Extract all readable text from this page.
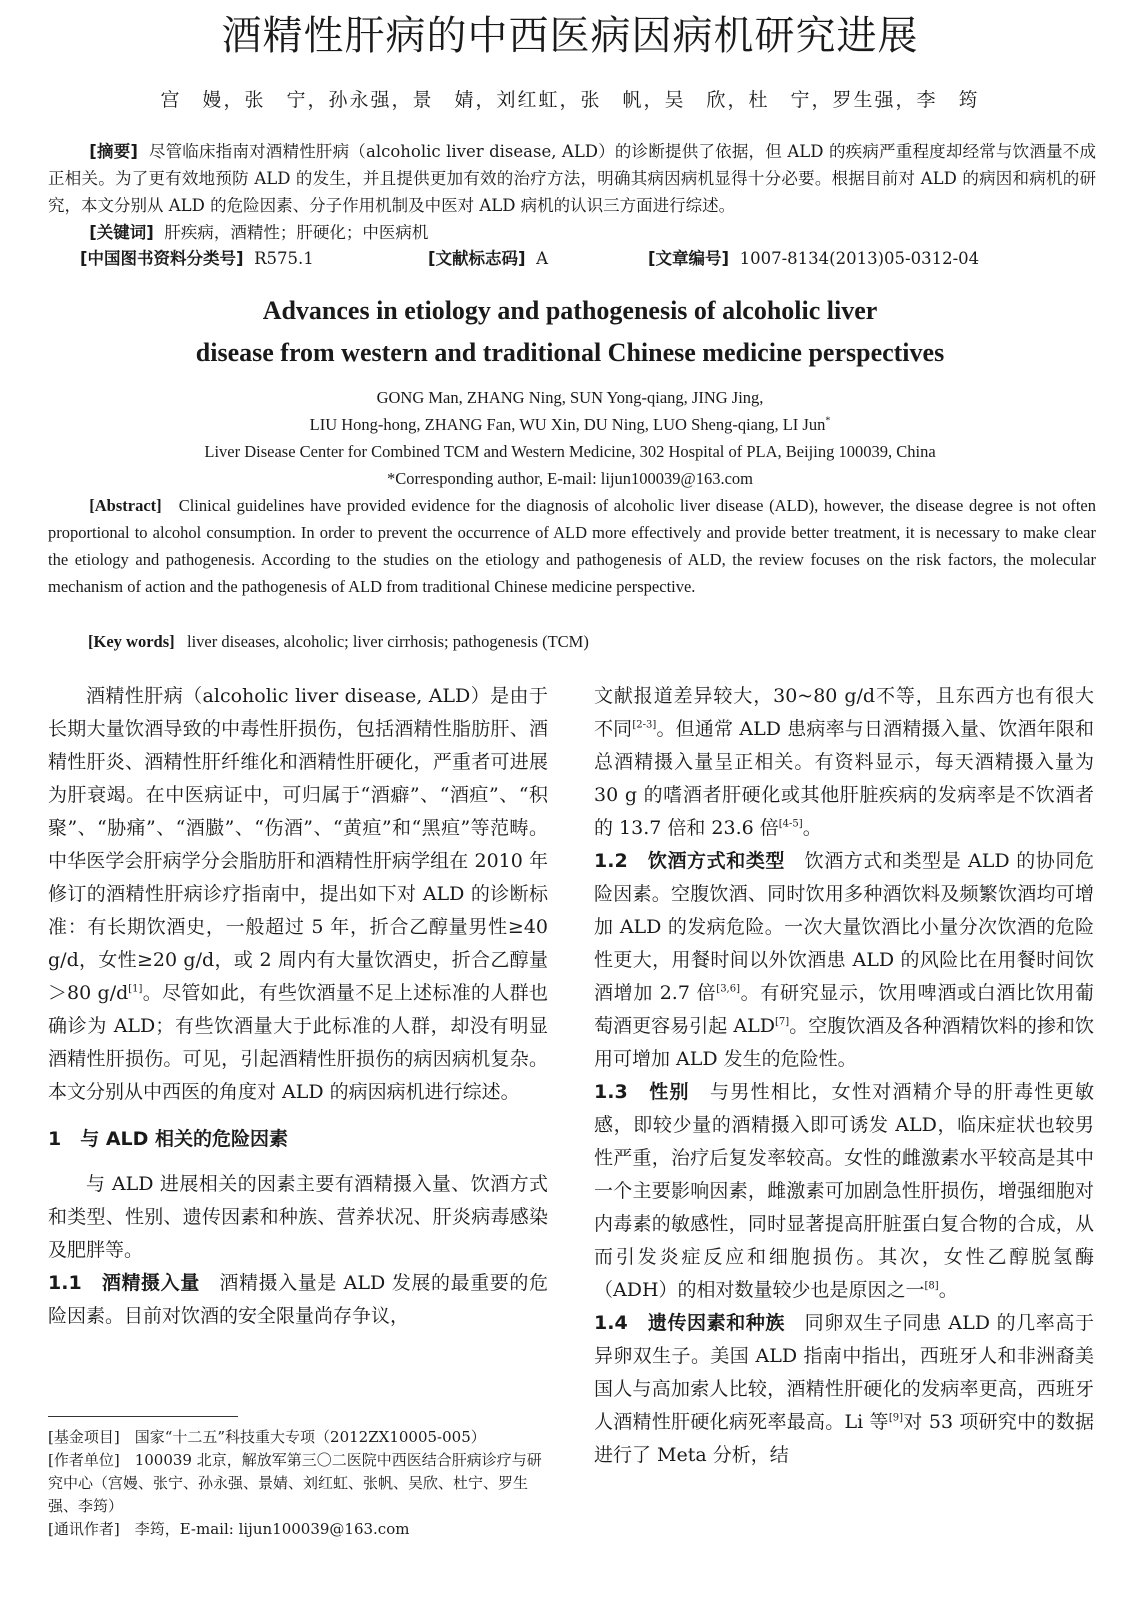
酒精性肝病的中西医病因病机研究进展
宫　嫚，张　宁，孙永强，景　婧，刘红虹，张　帆，吴　欣，杜　宁，罗生强，李　筠

[摘要] 尽管临床指南对酒精性肝病（alcoholic liver disease, ALD）的诊断提供了依据，但 ALD 的疾病严重程度却经常与饮酒量不成正相关。为了更有效地预防 ALD 的发生，并且提供更加有效的治疗方法，明确其病因病机显得十分必要。根据目前对 ALD 的病因和病机的研究，本文分别从 ALD 的危险因素、分子作用机制及中医对 ALD 病机的认识三方面进行综述。

[关键词] 肝疾病，酒精性；肝硬化；中医病机

[中国图书资料分类号] R575.1	[文献标志码] A	[文章编号] 1007-8134(2013)05-0312-04
Advances in etiology and pathogenesis of alcoholic liver
disease from western and traditional Chinese medicine perspectives
GONG Man, ZHANG Ning, SUN Yong-qiang, JING Jing,
LIU Hong-hong, ZHANG Fan, WU Xin, DU Ning, LUO Sheng-qiang, LI Jun*
Liver Disease Center for Combined TCM and Western Medicine, 302 Hospital of PLA, Beijing 100039, China
*Corresponding author, E-mail: lijun100039@163.com

[Abstract] Clinical guidelines have provided evidence for the diagnosis of alcoholic liver disease (ALD), however, the disease degree is not often proportional to alcohol consumption. In order to prevent the occurrence of ALD more effectively and provide better treatment, it is necessary to make clear the etiology and pathogenesis. According to the studies on the etiology and pathogenesis of ALD, the review focuses on the risk factors, the molecular mechanism of action and the pathogenesis of ALD from traditional Chinese medicine perspective.

[Key words] liver diseases, alcoholic; liver cirrhosis; pathogenesis (TCM)

酒精性肝病（alcoholic liver disease, ALD）是由于长期大量饮酒导致的中毒性肝损伤，包括酒精性脂肪肝、酒精性肝炎、酒精性肝纤维化和酒精性肝硬化，严重者可进展为肝衰竭。在中医病证中，可归属于“酒癖”、“酒疸”、“积聚”、“胁痛”、“酒臌”、“伤酒”、“黄疸”和“黑疸”等范畴。中华医学会肝病学分会脂肪肝和酒精性肝病学组在 2010 年修订的酒精性肝病诊疗指南中，提出如下对 ALD 的诊断标准：有长期饮酒史，一般超过 5 年，折合乙醇量男性≥40 g/d，女性≥20 g/d，或 2 周内有大量饮酒史，折合乙醇量＞80 g/d[1]。尽管如此，有些饮酒量不足上述标准的人群也确诊为 ALD；有些饮酒量大于此标准的人群，却没有明显酒精性肝损伤。可见，引起酒精性肝损伤的病因病机复杂。本文分别从中西医的角度对 ALD 的病因病机进行综述。

1　与 ALD 相关的危险因素

与 ALD 进展相关的因素主要有酒精摄入量、饮酒方式和类型、性别、遗传因素和种族、营养状况、肝炎病毒感染及肥胖等。

1.1　酒精摄入量　酒精摄入量是 ALD 发展的最重要的危险因素。目前对饮酒的安全限量尚存争议，

[基金项目]　国家“十二五”科技重大专项（2012ZX10005-005）

[作者单位]　100039 北京，解放军第三〇二医院中西医结合肝病诊疗与研究中心（宫嫚、张宁、孙永强、景婧、刘红虹、张帆、吴欣、杜宁、罗生强、李筠）

[通讯作者]　李筠，E-mail: lijun100039@163.com

文献报道差异较大，30~80 g/d不等，且东西方也有很大不同[2-3]。但通常 ALD 患病率与日酒精摄入量、饮酒年限和总酒精摄入量呈正相关。有资料显示，每天酒精摄入量为 30 g 的嗜酒者肝硬化或其他肝脏疾病的发病率是不饮酒者的 13.7 倍和 23.6 倍[4-5]。

1.2　饮酒方式和类型　饮酒方式和类型是 ALD 的协同危险因素。空腹饮酒、同时饮用多种酒饮料及频繁饮酒均可增加 ALD 的发病危险。一次大量饮酒比小量分次饮酒的危险性更大，用餐时间以外饮酒患 ALD 的风险比在用餐时间饮酒增加 2.7 倍[3,6]。有研究显示，饮用啤酒或白酒比饮用葡萄酒更容易引起 ALD[7]。空腹饮酒及各种酒精饮料的掺和饮用可增加 ALD 发生的危险性。

1.3　性别　与男性相比，女性对酒精介导的肝毒性更敏感，即较少量的酒精摄入即可诱发 ALD，临床症状也较男性严重，治疗后复发率较高。女性的雌激素水平较高是其中一个主要影响因素，雌激素可加剧急性肝损伤，增强细胞对内毒素的敏感性，同时显著提高肝脏蛋白复合物的合成，从而引发炎症反应和细胞损伤。其次，女性乙醇脱氢酶（ADH）的相对数量较少也是原因之一[8]。

1.4　遗传因素和种族　同卵双生子同患 ALD 的几率高于异卵双生子。美国 ALD 指南中指出，西班牙人和非洲裔美国人与高加索人比较，酒精性肝硬化的发病率更高，西班牙人酒精性肝硬化病死率最高。Li 等[9]对 53 项研究中的数据进行了 Meta 分析，结
